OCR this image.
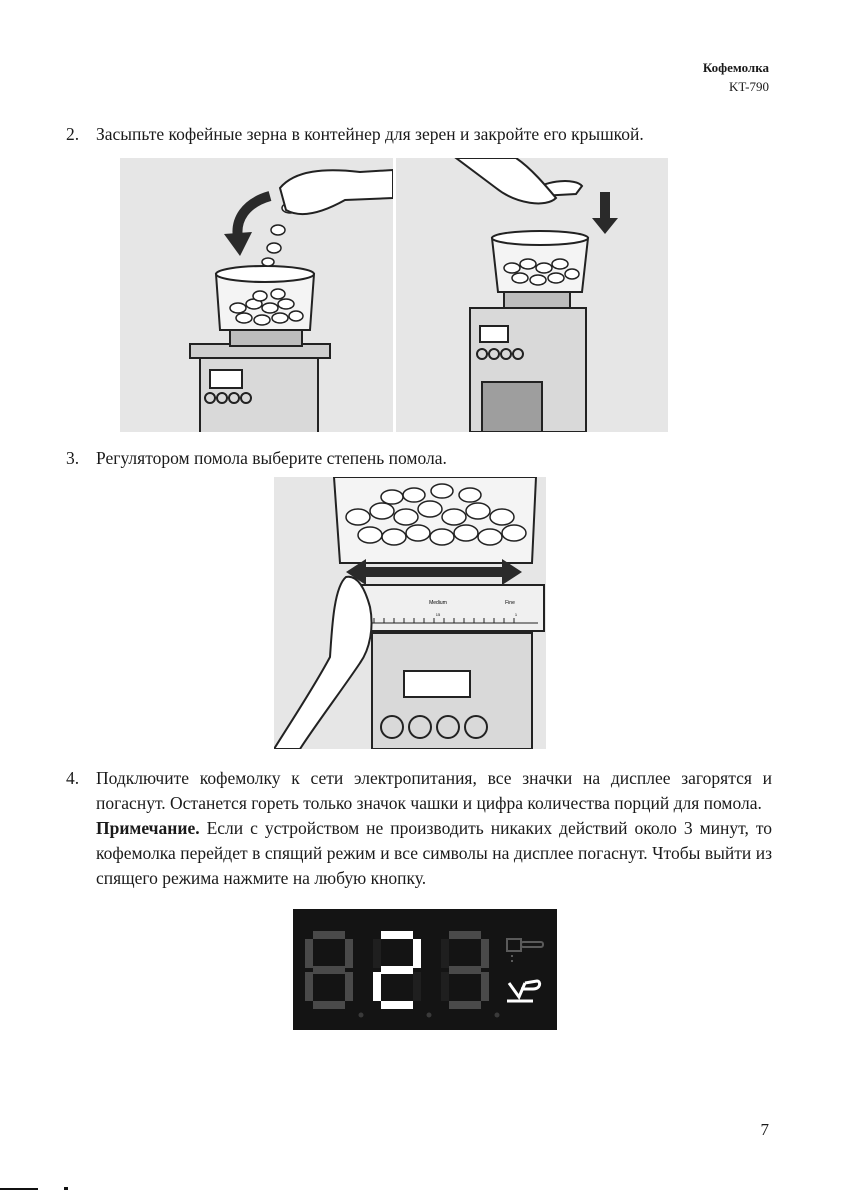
Кофемолка
KT-790
2. Засыпьте кофейные зерна в контейнер для зерен и закройте его крышкой.

3. Регулятором помола выберите степень помола.

Medium
15
Fine
1
4. Подключите кофемолку к сети электропитания, все значки на дисплее загорятся и погаснут. Останется гореть только значок чашки и цифра количества порций для помола.

Примечание. Если с устройством не производить никаких действий около 3 минут, то кофемолка перейдет в спящий режим и все символы на дисплее погаснут. Чтобы выйти из спящего режима нажмите на любую кнопку.

7
